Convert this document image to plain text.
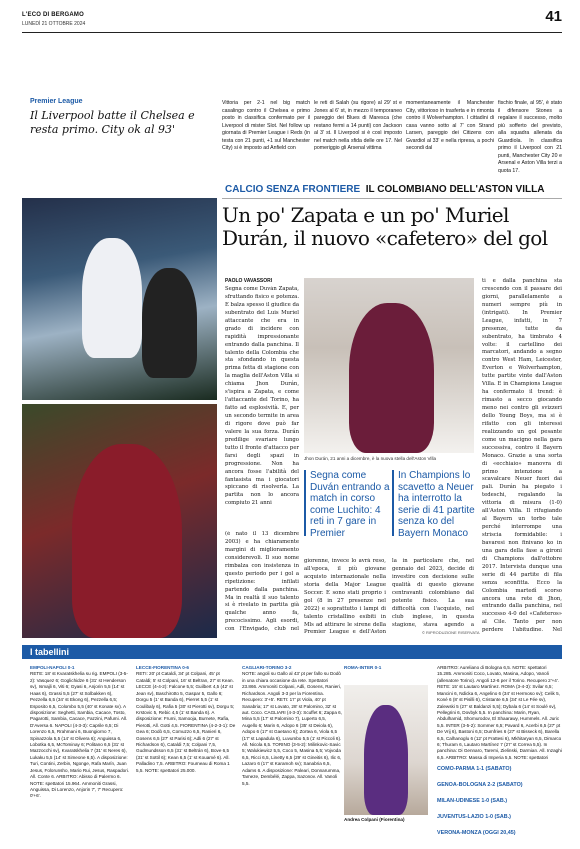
L'ECO DI BERGAMO
LUNEDÌ 21 OTTOBRE 2024	41
Premier League
Il Liverpool batte il Chelsea e resta primo. City ok al 93'
Vittoria per 2-1 nel big match casalingo contro il Chelsea e primo posto in classifica confermato per il Liverpool di mister Slot. Nel follow up giornata di Premier League i Reds (in testa con 21 punti, +1 sul Manchester City) si è imposto ad Anfield con
le reti di Salah (su rigore) al 29' st e Jones al 6' st, in mezzo il temporaneo pareggio dei Blues di Maresca (che restano fermi a 14 punti) con Jackson al 3' st. Il Liverpool si è così imposto nel match nella sfida delle ore 17. Nel pomeriggio gli Arsenal vittima
momentaneamente il Manchester City, vittorioso in trasferta e in rimonta contro il Wolverhampton. I cittadini di casa vanno sotto al 7' con Strand Larsen, pareggio dei Citizens con Gvardiol al 33' e nella ripresa, a pochi secondi dal
fischio finale, al 95', è stato il difensore Stones a regalare il successo, molto più sofferto del previsto, alla squadra allenata da Guardiola. In classifica primo il Liverpool con 21 punti, Manchester City 20 e Arsenal e Aston Villa terzi a quota 17.
CALCIO SENZA FRONTIERE IL COLOMBIANO DELL'ASTON VILLA
Un po' Zapata e un po' Muriel Durán, il nuovo «cafetero» del gol
PAOLO VAVASSORI
Segna come Duván Zapata, sfruttando fisico e potenza. E balza spesso il giudice da subentrato del Luis Muriel attaccante che era in grado di incidere con rapidità impressionante entrando dalla panchina. Il talento della Colombia che sta sfondando in questa prima fetta di stagione con la maglia dell'Aston Villa si chiama Jhon Durán, s'ispira a Zapata, e come l'attaccante del Torino, ha fatto ad esplosività. E, per un secondo termite in area di rigore dove può far valere la sua forza. Durán predilige svariare lungo tutto il fronte d'attacco per farsi degli spazi in progressione. Non ha ancora fosse l'abilità del fantasista ma i giocatori spiccano di risolverla. La partita non lo ancora compiuto 21 anni
(è nato il 13 dicembre 2003) e ha chiaramente margini di miglioramento considerevoli. Il suo nome rimbalza con insistenza in questo periodo per i gol a ripetizione: infilati partendo dalla panchina. Ma in realtà il suo talento si è rivelato in partita già qualche anno fa, precocissimo. Agli esordi, con l'Envigado, club nel
Jhon Durán, 21 anni a dicembre, è la nuova stella dell'Aston Villa
Segna come Duván entrando a match in corso come Luchito: 4 reti in 7 gare in Premier
In Champions lo scavetto a Neuer ha interrotto la serie di 41 partite senza ko del Bayern Monaco
giorenne, invece lo avrà reso, all'epoca, il più giovane acquisto internazionale nella storia della Major League Soccer. E sono stati proprio i gol (8 in 27 presenze nel 2022) e soprattutto i lampi di talento cristallino esibiti in Mls ad attirare le sirene della Premier League e dell'Aston
la in particolare che, nel gennaio del 2023, decide di investire con decisione sulle qualità di questo giovane centravanti colombiano dal potente fisico. La sua difficoltà con l'acquisto, nel club inglese, in questa stagione, stava agendo a
© RIPRODUZIONE RISERVATA
ti e dalla panchina sta crescendo con il passare dei giorni, parallelamente a numeri sempre più in (intrigati). In Premier League, infatti, in 7 presenze, tutte da subentrato, ha timbrato 4 volte: il cartellino dei marcatori, andando a segno contro West Ham, Leicester, Everton e Wolverhampton, tutte partite vinte dall'Aston Villa. E in Champions League ha confermato il trend: è rimasto a secco giocando meno nei contro gli svizzeri dello Young Boys, ma si è rifatto con gli interessi realizzando un gol pesante come un macigno nella gara successiva, contro il Bayern Monaco. Grazie a una sorta di «ecchiaio» manovra di primo intenzione a scavalcare Neuer fuori dai pali. Durán ha piegato i tedeschi, regalando la vittoria di misura (1-0) all'Aston Villa. Il rifugiando al Bayern un torbo tale perché interrompe una striscia formidabile: i bavaresi non finivano ko in una gara della fase a gironi di Champions dall'ottobre 2017. Intervista dunque una serie di 44 partite di fila senza sconfitta. Ecco la Colombia martedì scorso ancora una rete di Jhon, entrando dalla panchina, nel successo 4-0 del «Cafeteros» al Cile. Tanto per non perdere l'abitudine. Nel
I tabellini
EMPOLI-NAPOLI 0-1
RETE: 18' st Kvaratskhelia su rig. EMPOLI (3-5-2): Vasquez 6; Goglichidze 6 (31' st Henderson sv), Ismajli 6, Viti 6; Gyasi 6, Anjorin 5,5 (14' st Haas 6), Grassi 5,5 (27' st Solbakken 6), Pezzella 6,5 (34' st Ekong 6), Pezzella 6,5; Esposito 6,5, Colombo 5,5 (40' st Konate sv). A disposizione: Seghetti, Sambia, Cacace, Tosto, Pagarotti, Sambia, Cacace, Fazzini, Pafumi. All. D'Aversa 6. NAPOLI (4-3-3): Caprile 6,5; Di Lorenzo 6,5, Rrahmani 6, Buongiorno 7, Spinazzola 5,5 (14' st Olivera 6); Anguissa 6, Lobotka 6,5, McTominay 6; Politano 6,5 (31' st Mazzocchi sv), Kvaratskhelia 7 (31' st Neres 6), Lukaku 5,5 (14' st Simeone 6,5). A disposizione: Turi, Contini, Zerbin, Ngonge, Rafa Marín, Juan Jesus, Folorunsho, Mario Rui, Jesus, Raspadori. All. Conte 6. ARBITRO: Abisso di Palermo 6. NOTE: spettatori 15.964. Ammoniti Grassi, Anguissa, Di Lorenzo, Anjorin 7', 7' Recupero: 0'+6'.
LECCE-FIORENTINA 0-6
RETI: 20' pt Cataldi, 34' pt Colpani, 45' pt Cataldi; 5' st Colpani, 16' st Beltran, 27' st Kean. LECCE (4-4-2): Falcone 5,5; Guilbert 4,5 (42' st Jean sv), Baschirotto 5, Gaspar 5, Gallo 6; Dorgu 5 (1' st Banda 6), Pierret 5,5 (1' st Coulibaly 6), Rafia 5 (30' st Pierotti sv), Dorgu 5; Krstovic 5, Rebic 4,5 (1' st Banda 6). A disposizione: Frumi, Samooja, Burnete, Rafia, Pierotti, All. Gotti 4,5. FIORENTINA (4-2-3-1): De Gea 6; Dodò 6,5, Comuzzo 6,5, Ranieri 6, Gosens 6,5 (27' st Parisi 6); Adli 6 (27' st Richardson 6), Cataldi 7,5; Colpani 7,5, Gudmundsson 6,5 (31' st Beltrán 6), Bove 6,5 (31' st Sottil 6); Kean 6,5 (1' st Kouamé 6). All. Palladino 7,5. ARBITRO: Fourneau di Roma 1 5,5. NOTE: spettatori 25.000.
CAGLIARI-TORINO 3-2
NOTE: angoli su Gallo al 43' pt per fallo su Dodò in una chiara occasione da rete. Spettatori 23.866. Ammoniti Colpani, Adli, Gosens, Ranieri, Richardson. Angoli 3-3 per la Fiorentina. Recupero: 3'+5'. RETI: 17' pt Viola, 40' pt Sanabria; 17' st Lovato, 28' st Palomino, 32' st aut. Coco. CAGLIARI (4-3-3): Scuffet 6; Zappa 6, Mina 5,5 (17' st Palomino 7), Luperto 6,5, Augello 6; Marin 6, Adopo 6 (35' st Deiola 6), Adopo 6 (17' st Gaetano 6); Zortea 6, Viola 6,5 (17' st Lapadula 6), Luvumbo 5,5 (1' st Piccoli 6). All. Nicola 6,5. TORINO (3-5-2): Milinkovic-Savic 5; Walukiewicz 5,5, Coco 5, Masina 5,5; Vojvoda 6,5, Ricci 6,5, Linetty 6,5 (29' st Gineitis 6), Ilic 6, Lazaro 6 (17' st Karamoh sv); Sanabria 6,5, Adams 6. A disposizione: Paleari, Donnarumma, Tameze, Dembélé, Zappa, Sazonov. All. Vanoli 5,5.
Andrea Colpani (Fiorentina)
ROMA-INTER 0-1	ARBITRO: Aureliano di Bologna 6,5. NOTE: spettatori 15.285. Ammoniti Coco, Lovato, Masina, Adopo, Vanoli (allenatore Torino). Angoli 12-6 per il Torino. Recupero 2'+4'. RETE: 15' st Lautaro Martínez. ROMA (3-4-3): Svilar 6,5; Mancini 6, Ndicka 6, Angelino 6 (34' st Hermoso sv); Celik 5, Koné 6 (8' st Pisilli 6), Cristante 6,5 (34' st Le Fée sv), Zalewski 5 (27' st Baldanzi 5,5); Dybala 6 (14' st Soulé sv), Pellegrini 6, Dovbyk 5,5. In panchina: Marin, Ryan, Abdulhamid, Shomurodov, El Shaarawy, Hummels. All. Juric 5,5. INTER (3-5-2): Sommer 6,5; Pavard 6, Acerbi 6,5 (27' pt De Vrij 6), Bastoni 6,5; Dumfries 6 (27' st Bisseck 6), Barella 6,5, Calhanoglu 6 (12' pt Frattesi 6), Mkhitaryan 6,5, Dimarco 6; Thuram 6, Lautaro Martínez 7 (27' st Correa 5,5). In panchina: Di Gennaro, Taremi, Zielinski, Darmian. All. Inzaghi 6,5. ARBITRO: Massa di Imperia 5,5. NOTE: spettatori
COMO-PARMA 1-1 (SABATO)
GENOA-BOLOGNA 2-2 (SABATO)
MILAN-UDINESE 1-0 (SAB.)
JUVENTUS-LAZIO 1-0 (SAB.)
VERONA-MONZA (OGGI 20,45)
